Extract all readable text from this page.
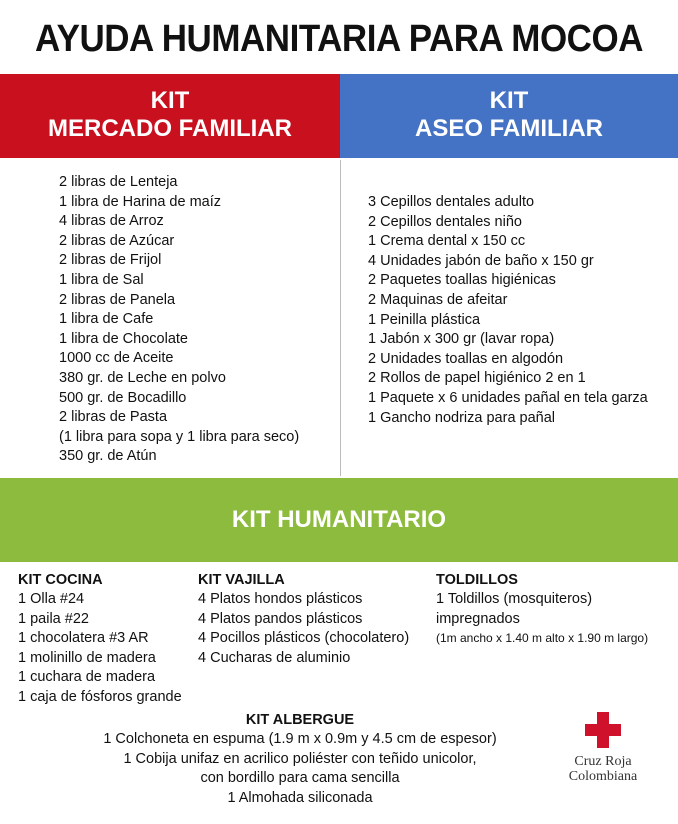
AYUDA HUMANITARIA PARA MOCOA
KIT
MERCADO FAMILIAR
KIT
ASEO FAMILIAR
2 libras de Lenteja
1 libra de Harina de maíz
4 libras de Arroz
2 libras de Azúcar
2 libras de Frijol
1 libra de Sal
2 libras de Panela
1 libra de Cafe
1 libra de Chocolate
1000 cc de Aceite
380 gr. de Leche en polvo
500 gr. de Bocadillo
2 libras de Pasta
(1 libra para sopa y 1 libra para seco)
350 gr. de Atún
3 Cepillos dentales adulto
2 Cepillos dentales niño
1 Crema dental x 150 cc
4 Unidades jabón de baño x 150 gr
2 Paquetes toallas higiénicas
2 Maquinas de afeitar
1 Peinilla plástica
1 Jabón x 300 gr (lavar ropa)
2 Unidades toallas en algodón
2 Rollos de papel higiénico 2 en 1
1 Paquete x 6 unidades pañal en tela garza
1 Gancho nodriza para pañal
KIT HUMANITARIO
KIT COCINA
1 Olla #24
1 paila #22
1 chocolatera #3 AR
1 molinillo de madera
1 cuchara de madera
1 caja de fósforos grande
KIT VAJILLA
4 Platos hondos plásticos
4 Platos pandos plásticos
4 Pocillos plásticos (chocolatero)
4 Cucharas de aluminio
TOLDILLOS
1 Toldillos (mosquiteros)
impregnados
(1m ancho x 1.40 m alto x 1.90 m largo)
KIT ALBERGUE
1 Colchoneta en espuma (1.9 m x 0.9m y 4.5 cm de espesor)
1 Cobija unifaz en acrilico poliéster con teñido unicolor,
con bordillo para cama sencilla
1 Almohada siliconada
Cruz Roja
Colombiana
